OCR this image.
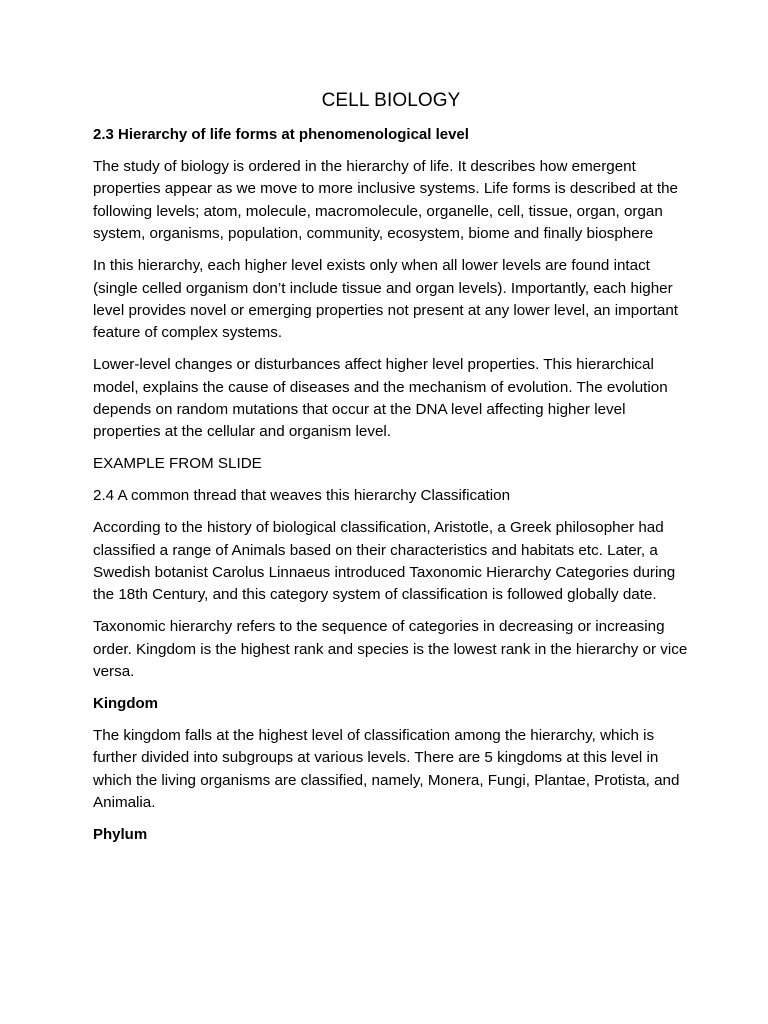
CELL BIOLOGY
2.3 Hierarchy of life forms at phenomenological level

The study of biology is ordered in the hierarchy of life. It describes how emergent properties appear as we move to more inclusive systems. Life forms is described at the following levels; atom, molecule, macromolecule, organelle, cell, tissue, organ, organ system, organisms, population, community, ecosystem, biome and finally biosphere

In this hierarchy, each higher level exists only when all lower levels are found intact (single celled organism don’t include tissue and organ levels). Importantly, each higher level provides novel or emerging properties not present at any lower level, an important feature of complex systems.

Lower-level changes or disturbances affect higher level properties. This hierarchical model, explains the cause of diseases and the mechanism of evolution. The evolution depends on random mutations that occur at the DNA level affecting higher level properties at the cellular and organism level.

EXAMPLE FROM SLIDE

2.4 A common thread that weaves this hierarchy Classification

According to the history of biological classification, Aristotle, a Greek philosopher had classified a range of Animals based on their characteristics and habitats etc. Later, a Swedish botanist Carolus Linnaeus introduced Taxonomic Hierarchy Categories during the 18th Century, and this category system of classification is followed globally date.

Taxonomic hierarchy refers to the sequence of categories in decreasing or increasing order. Kingdom is the highest rank and species is the lowest rank in the hierarchy or vice versa.

Kingdom

The kingdom falls at the highest level of classification among the hierarchy, which is further divided into subgroups at various levels. There are 5 kingdoms at this level in which the living organisms are classified, namely, Monera, Fungi, Plantae, Protista, and Animalia.

Phylum
